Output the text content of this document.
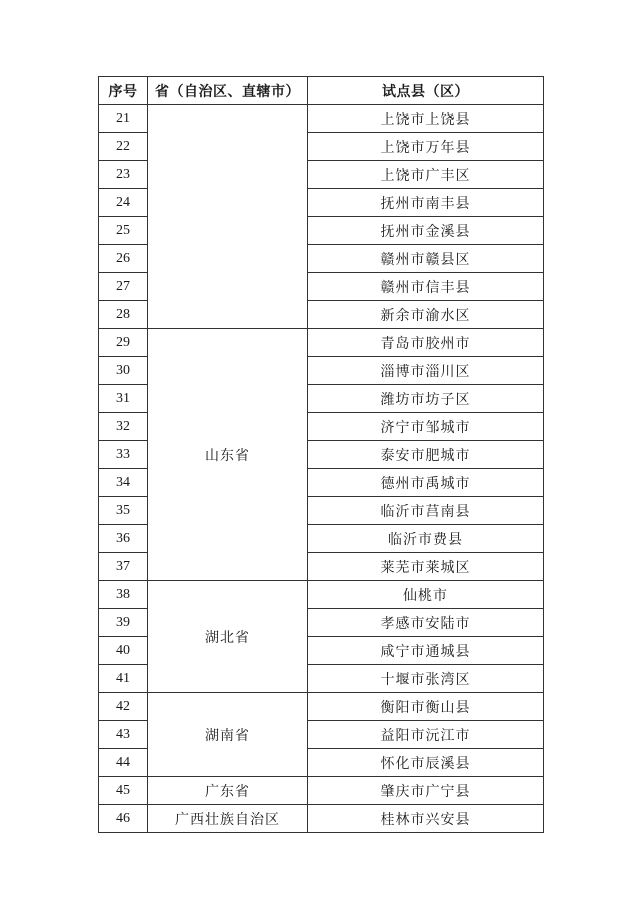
序号	省（自治区、直辖市）	试点县（区）
21		上饶市上饶县
22		上饶市万年县
23		上饶市广丰区
24		抚州市南丰县
25		抚州市金溪县
26		赣州市赣县区
27		赣州市信丰县
28		新余市渝水区
29	山东省	青岛市胶州市
30		淄博市淄川区
31		潍坊市坊子区
32		济宁市邹城市
33		泰安市肥城市
34		德州市禹城市
35		临沂市莒南县
36		临沂市费县
37		莱芜市莱城区
38	湖北省	仙桃市
39		孝感市安陆市
40		咸宁市通城县
41		十堰市张湾区
42	湖南省	衡阳市衡山县
43		益阳市沅江市
44		怀化市辰溪县
45	广东省	肇庆市广宁县
46	广西壮族自治区	桂林市兴安县
